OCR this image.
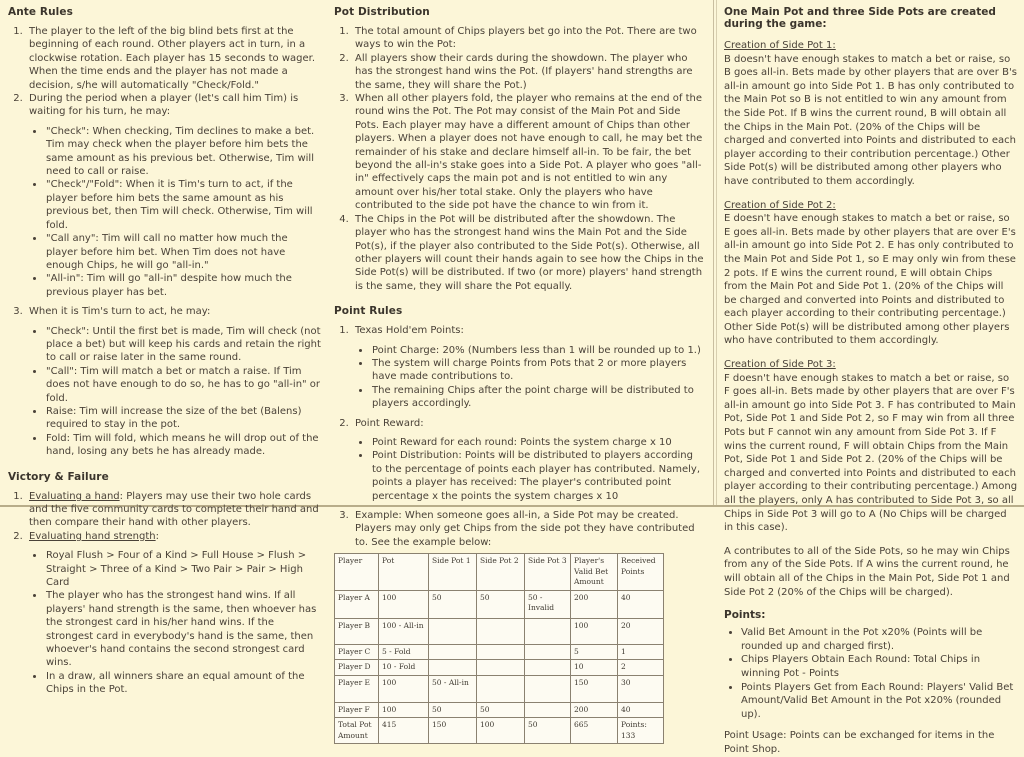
Ante Rules
1. The player to the left of the big blind bets first at the beginning of each round. Other players act in turn, in a clockwise rotation. Each player has 15 seconds to wager. When the time ends and the player has not made a decision, s/he will automatically "Check/Fold."
2. During the period when a player (let's call him Tim) is waiting for his turn, he may:
• "Check": When checking, Tim declines to make a bet. Tim may check when the player before him bets the same amount as his previous bet. Otherwise, Tim will need to call or raise.
• "Check"/"Fold": When it is Tim's turn to act, if the player before him bets the same amount as his previous bet, then Tim will check. Otherwise, Tim will fold.
• "Call any": Tim will call no matter how much the player before him bet. When Tim does not have enough Chips, he will go "all-in."
• "All-in": Tim will go "all-in" despite how much the previous player has bet.
3. When it is Tim's turn to act, he may:
• "Check": Until the first bet is made, Tim will check (not place a bet) but will keep his cards and retain the right to call or raise later in the same round.
• "Call": Tim will match a bet or match a raise. If Tim does not have enough to do so, he has to go "all-in" or fold.
• Raise: Tim will increase the size of the bet (Balens) required to stay in the pot.
• Fold: Tim will fold, which means he will drop out of the hand, losing any bets he has already made.
Victory & Failure
1. Evaluating a hand: Players may use their two hole cards and the five community cards to complete their hand and then compare their hand with other players.
2. Evaluating hand strength:
• Royal Flush > Four of a Kind > Full House > Flush > Straight > Three of a Kind > Two Pair > Pair > High Card
• The player who has the strongest hand wins. If all players' hand strength is the same, then whoever has the strongest card in his/her hand wins. If the strongest card in everybody's hand is the same, then whoever's hand contains the second strongest card wins.
• In a draw, all winners share an equal amount of the Chips in the Pot.
Pot Distribution
1. The total amount of Chips players bet go into the Pot. There are two ways to win the Pot:
2. All players show their cards during the showdown. The player who has the strongest hand wins the Pot. (If players' hand strengths are the same, they will share the Pot.)
3. When all other players fold, the player who remains at the end of the round wins the Pot. The Pot may consist of the Main Pot and Side Pots. Each player may have a different amount of Chips than other players. When a player does not have enough to call, he may bet the remainder of his stake and declare himself all-in. To be fair, the bet beyond the all-in's stake goes into a Side Pot. A player who goes "all-in" effectively caps the main pot and is not entitled to win any amount over his/her total stake. Only the players who have contributed to the side pot have the chance to win from it.
4. The Chips in the Pot will be distributed after the showdown. The player who has the strongest hand wins the Main Pot and the Side Pot(s), if the player also contributed to the Side Pot(s). Otherwise, all other players will count their hands again to see how the Chips in the Side Pot(s) will be distributed. If two (or more) players' hand strength is the same, they will share the Pot equally.
Point Rules
1. Texas Hold'em Points:
• Point Charge: 20% (Numbers less than 1 will be rounded up to 1.)
• The system will charge Points from Pots that 2 or more players have made contributions to.
• The remaining Chips after the point charge will be distributed to players accordingly.
2. Point Reward:
• Point Reward for each round: Points the system charge x 10
• Point Distribution: Points will be distributed to players according to the percentage of points each player has contributed. Namely, points a player has received: The player's contributed point percentage x the points the system charges x 10
3. Example: When someone goes all-in, a Side Pot may be created. Players may only get Chips from the side pot they have contributed to. See the example below:
Player	Pot	Side Pot 1	Side Pot 2	Side Pot 3	Player's Valid Bet Amount	Received Points
Player A	100	50	50	50 - Invalid	200	40
Player B	100 - All-in				100	20
Player C	5 - Fold				5	1
Player D	10 - Fold				10	2
Player E	100	50 - All-in			150	30
Player F	100	50	50		200	40
Total Pot Amount	415	150	100	50	665	Points: 133
One Main Pot and three Side Pots are created during the game:
Creation of Side Pot 1:
B doesn't have enough stakes to match a bet or raise, so B goes all-in. Bets made by other players that are over B's all-in amount go into Side Pot 1. B has only contributed to the Main Pot so B is not entitled to win any amount from the Side Pot. If B wins the current round, B will obtain all the Chips in the Main Pot. (20% of the Chips will be charged and converted into Points and distributed to each player according to their contribution percentage.) Other Side Pot(s) will be distributed among other players who have contributed to them accordingly.
Creation of Side Pot 2:
E doesn't have enough stakes to match a bet or raise, so E goes all-in. Bets made by other players that are over E's all-in amount go into Side Pot 2. E has only contributed to the Main Pot and Side Pot 1, so E may only win from these 2 pots. If E wins the current round, E will obtain Chips from the Main Pot and Side Pot 1. (20% of the Chips will be charged and converted into Points and distributed to each player according to their contributing percentage.) Other Side Pot(s) will be distributed among other players who have contributed to them accordingly.
Creation of Side Pot 3:
F doesn't have enough stakes to match a bet or raise, so F goes all-in. Bets made by other players that are over F's all-in amount go into Side Pot 3. F has contributed to Main Pot, Side Pot 1 and Side Pot 2, so F may win from all three Pots but F cannot win any amount from Side Pot 3. If F wins the current round, F will obtain Chips from the Main Pot, Side Pot 1 and Side Pot 2. (20% of the Chips will be charged and converted into Points and distributed to each player according to their contributing percentage.) Among all the players, only A has contributed to Side Pot 3, so all Chips in Side Pot 3 will go to A (No Chips will be charged in this case).
A contributes to all of the Side Pots, so he may win Chips from any of the Side Pots. If A wins the current round, he will obtain all of the Chips in the Main Pot, Side Pot 1 and Side Pot 2 (20% of the Chips will be charged).
Points:
• Valid Bet Amount in the Pot x20% (Points will be rounded up and charged first).
• Chips Players Obtain Each Round: Total Chips in winning Pot - Points
• Points Players Get from Each Round: Players' Valid Bet Amount/Valid Bet Amount in the Pot x20% (rounded up).
Point Usage: Points can be exchanged for items in the Point Shop.
